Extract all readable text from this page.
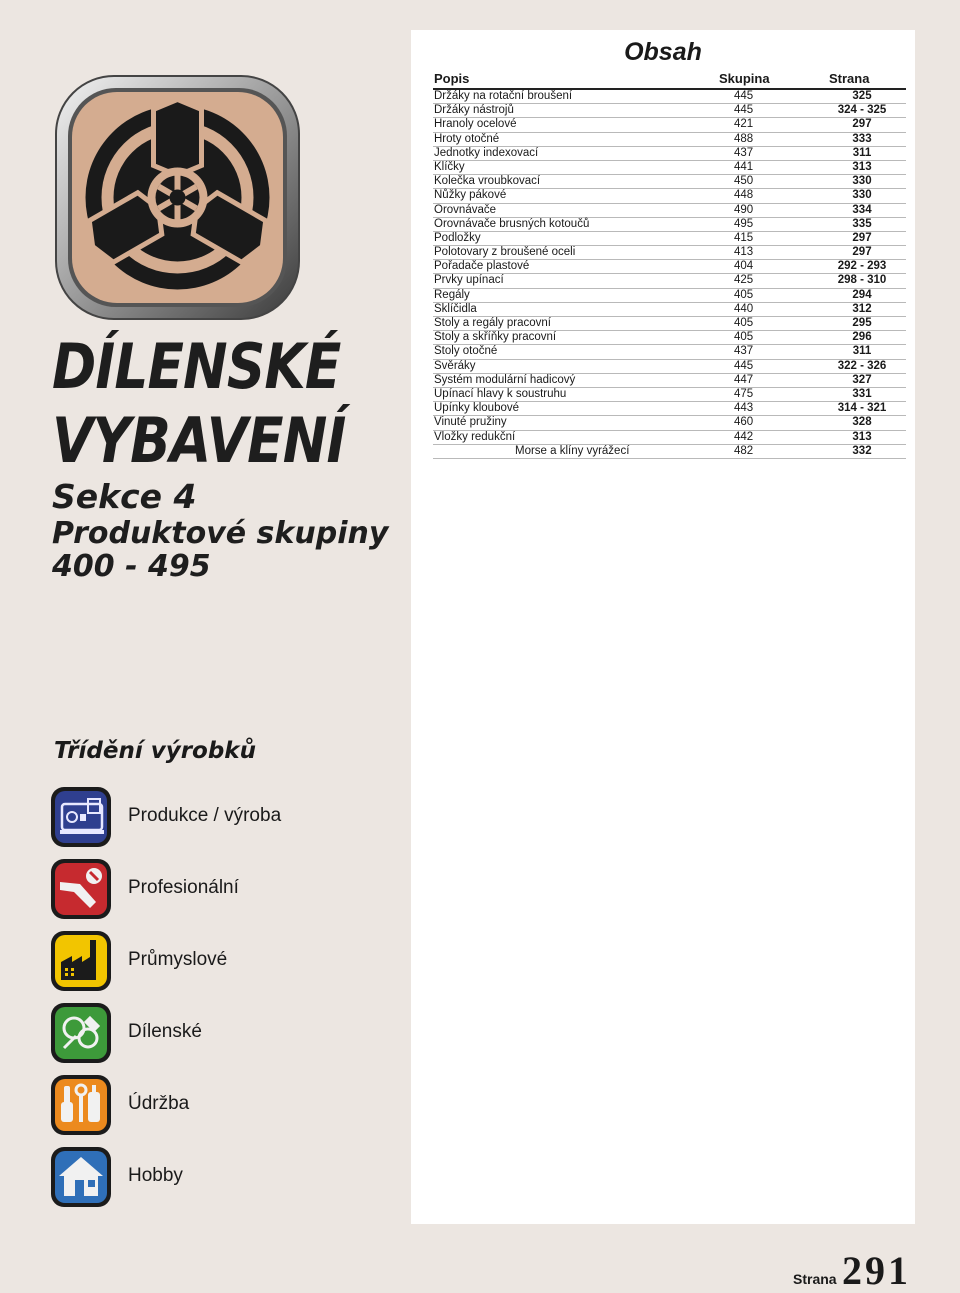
DÍLENSKÉ
VYBAVENÍ
Sekce 4
Produktové skupiny
400 - 495
Obsah
Popis	Skupina	Strana
Držáky na rotační broušení	445	325
Držáky nástrojů	445	324 - 325
Hranoly ocelové	421	297
Hroty otočné	488	333
Jednotky indexovací	437	311
Klíčky	441	313
Kolečka vroubkovací	450	330
Nůžky pákové	448	330
Orovnávače	490	334
Orovnávače brusných kotoučů	495	335
Podložky	415	297
Polotovary z broušené oceli	413	297
Pořadače plastové	404	292 - 293
Prvky upínací	425	298 - 310
Regály	405	294
Sklíčidla	440	312
Stoly a regály pracovní	405	295
Stoly a skříňky pracovní	405	296
Stoly otočné	437	311
Svěráky	445	322 - 326
Systém modulární hadicový	447	327
Upínací hlavy k soustruhu	475	331
Upínky kloubové	443	314 - 321
Vinuté pružiny	460	328
Vložky redukční	442	313
Morse a klíny vyrážecí	482	332
Třídění výrobků
Produkce / výroba
Profesionální
Průmyslové
Dílenské
Údržba
Hobby
Strana 291
